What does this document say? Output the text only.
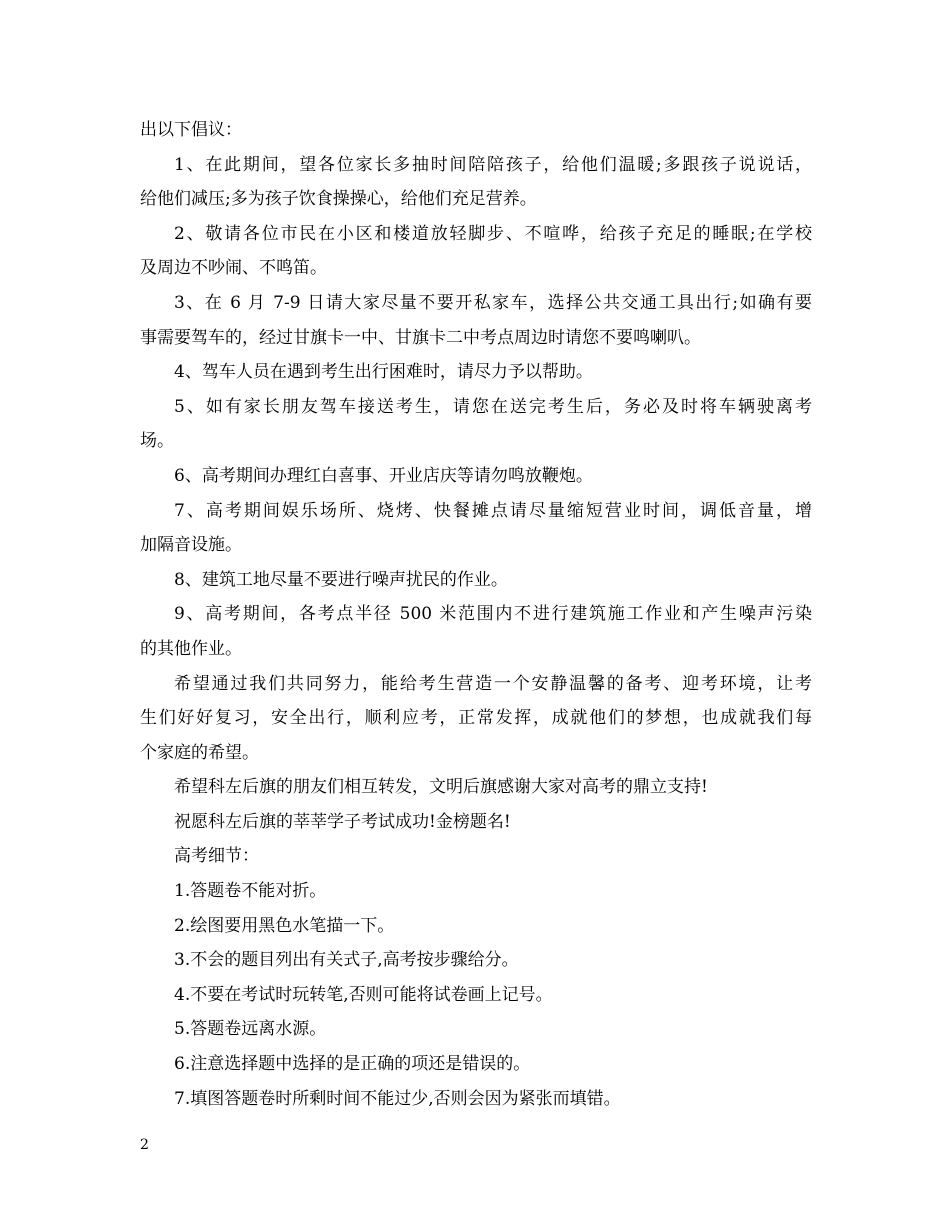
出以下倡议：
1、在此期间，望各位家长多抽时间陪陪孩子，给他们温暖;多跟孩子说说话，
给他们减压;多为孩子饮食操操心，给他们充足营养。
2、敬请各位市民在小区和楼道放轻脚步、不喧哗，给孩子充足的睡眠;在学校
及周边不吵闹、不鸣笛。
3、在 6 月 7-9 日请大家尽量不要开私家车，选择公共交通工具出行;如确有要
事需要驾车的，经过甘旗卡一中、甘旗卡二中考点周边时请您不要鸣喇叭。
4、驾车人员在遇到考生出行困难时，请尽力予以帮助。
5、如有家长朋友驾车接送考生，请您在送完考生后，务必及时将车辆驶离考
场。
6、高考期间办理红白喜事、开业店庆等请勿鸣放鞭炮。
7、高考期间娱乐场所、烧烤、快餐摊点请尽量缩短营业时间，调低音量，增
加隔音设施。
8、建筑工地尽量不要进行噪声扰民的作业。
9、高考期间，各考点半径 500 米范围内不进行建筑施工作业和产生噪声污染
的其他作业。
希望通过我们共同努力，能给考生营造一个安静温馨的备考、迎考环境，让考
生们好好复习，安全出行，顺利应考，正常发挥，成就他们的梦想，也成就我们每
个家庭的希望。
希望科左后旗的朋友们相互转发，文明后旗感谢大家对高考的鼎立支持!
祝愿科左后旗的莘莘学子考试成功!金榜题名!
高考细节：
1.答题卷不能对折。
2.绘图要用黑色水笔描一下。
3.不会的题目列出有关式子,高考按步骤给分。
4.不要在考试时玩转笔,否则可能将试卷画上记号。
5.答题卷远离水源。
6.注意选择题中选择的是正确的项还是错误的。
7.填图答题卷时所剩时间不能过少,否则会因为紧张而填错。
2
